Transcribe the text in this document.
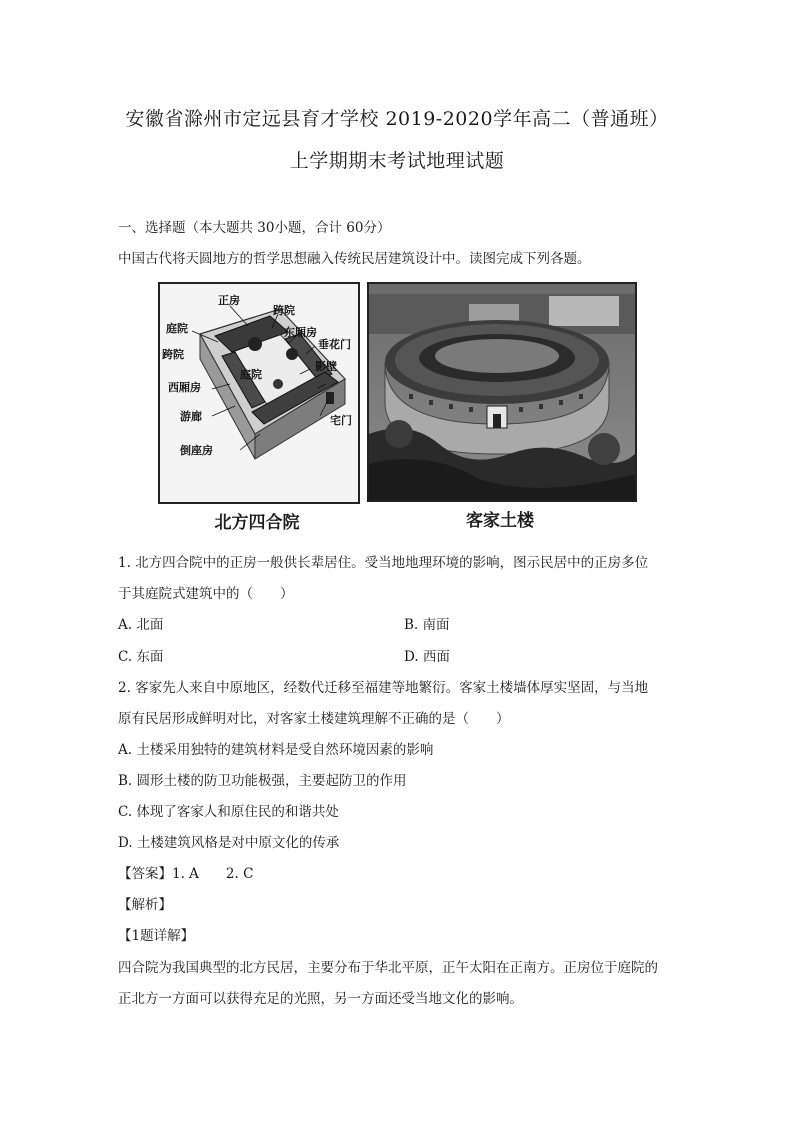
安徽省滁州市定远县育才学校 2019-2020学年高二（普通班）
上学期期末考试地理试题
一、选择题（本大题共 30小题，合计 60分）
中国古代将天圆地方的哲学思想融入传统民居建筑设计中。读图完成下列各题。
正房
庭院
跨院
东厢房
跨院
垂花门
影壁
庭院
西厢房
游廊	宅门
倒座房
北方四合院	客家土楼
1. 北方四合院中的正房一般供长辈居住。受当地地理环境的影响，图示民居中的正房多位
于其庭院式建筑中的（　　）
A. 北面	B. 南面
C. 东面	D. 西面
2. 客家先人来自中原地区，经数代迁移至福建等地繁衍。客家土楼墙体厚实坚固，与当地
原有民居形成鲜明对比，对客家土楼建筑理解不正确的是（　　）
A. 土楼采用独特的建筑材料是受自然环境因素的影响
B. 圆形土楼的防卫功能极强，主要起防卫的作用
C. 体现了客家人和原住民的和谐共处
D. 土楼建筑风格是对中原文化的传承
【答案】1. A　　2. C
【解析】
【1题详解】
四合院为我国典型的北方民居，主要分布于华北平原，正午太阳在正南方。正房位于庭院的
正北方一方面可以获得充足的光照，另一方面还受当地文化的影响。
